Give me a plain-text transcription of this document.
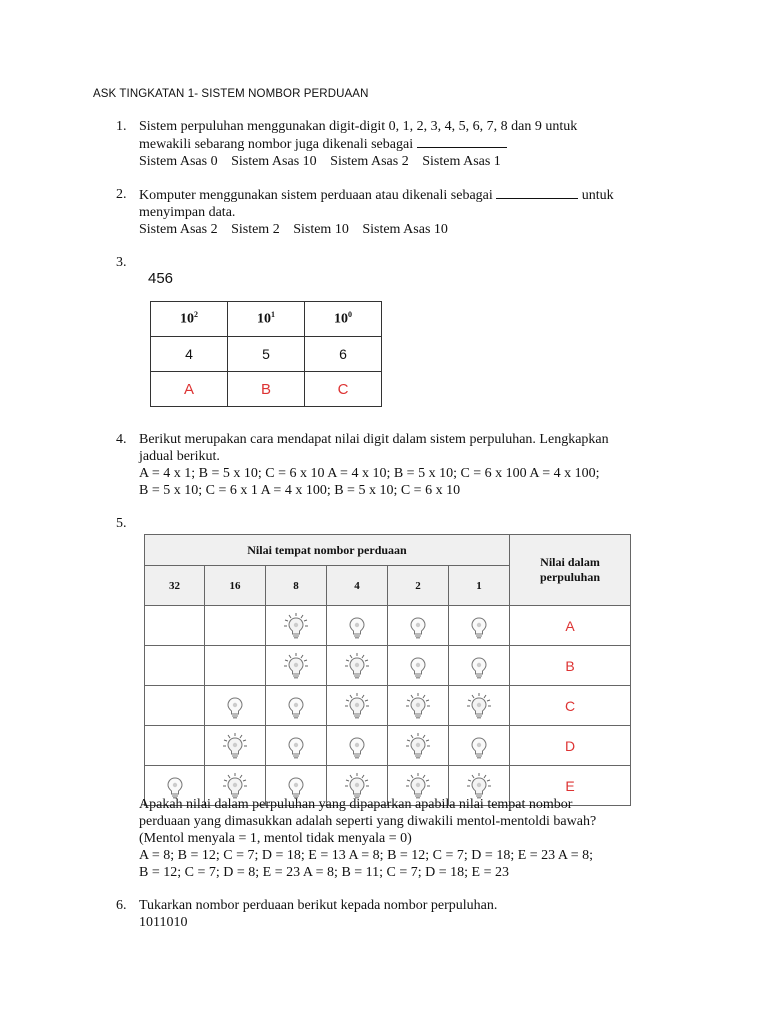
ASK TINGKATAN 1- SISTEM NOMBOR PERDUAAN
1. Sistem perpuluhan menggunakan digit-digit 0, 1, 2, 3, 4, 5, 6, 7, 8 dan 9 untuk
mewakili sebarang nombor juga dikenali sebagai
Sistem Asas 0 Sistem Asas 10 Sistem Asas 2 Sistem Asas 1
2. Komputer menggunakan sistem perduaan atau dikenali sebagai	untuk
menyimpan data.
Sistem Asas 2 Sistem 2 Sistem 10 Sistem Asas 10
3.
456
$10^2$	$10^1$	$10^0$
4	5	6
A	B	C
4. Berikut merupakan cara mendapat nilai digit dalam sistem perpuluhan. Lengkapkan
jadual berikut.
A = 4 x 1; B = 5 x 10; C = 6 x 10 A = 4 x 10; B = 5 x 10; C = 6 x 100 A = 4 x 100;
B = 5 x 10; C = 6 x 1 A = 4 x 100; B = 5 x 10; C = 6 x 10
5.
Nilai tempat nombor perduaan						Nilai dalam
perpuluhan

32	16	8	4	2	1	
						A
						B
						C
						D
						E
Apakah nilai dalam perpuluhan yang dipaparkan apabila nilai tempat nombor
perduaan yang dimasukkan adalah seperti yang diwakili mentol-mentoldi bawah?
(Mentol menyala = 1, mentol tidak menyala = 0)
A = 8; B = 12; C = 7; D = 18; E = 13 A = 8; B = 12; C = 7; D = 18; E = 23 A = 8;
B = 12; C = 7; D = 8; E = 23 A = 8; B = 11; C = 7; D = 18; E = 23
6. Tukarkan nombor perduaan berikut kepada nombor perpuluhan.
1011010
